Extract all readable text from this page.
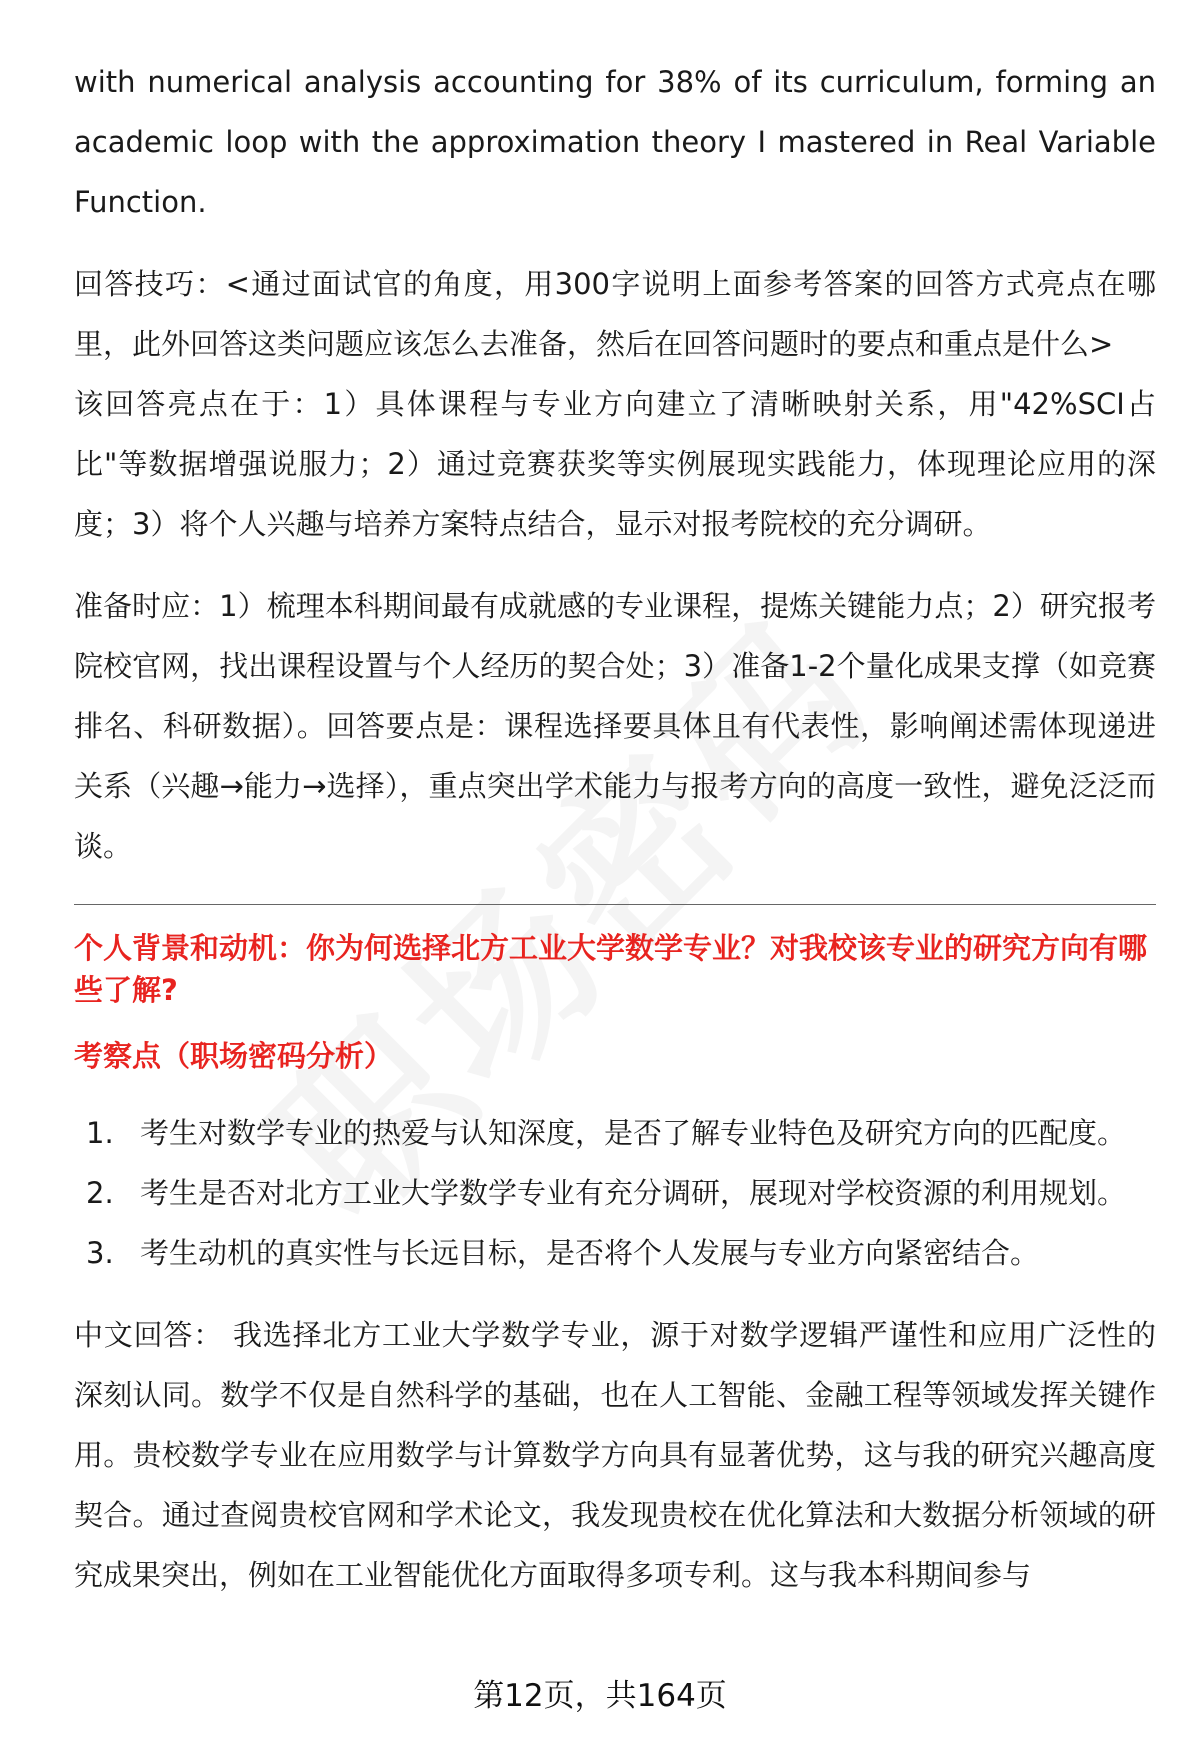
with numerical analysis accounting for 38% of its curriculum, forming an academic loop with the approximation theory I mastered in Real Variable Function.

回答技巧：<通过面试官的角度，用300字说明上面参考答案的回答方式亮点在哪里，此外回答这类问题应该怎么去准备，然后在回答问题时的要点和重点是什么>

该回答亮点在于：1）具体课程与专业方向建立了清晰映射关系，用"42%SCI占比"等数据增强说服力；2）通过竞赛获奖等实例展现实践能力，体现理论应用的深度；3）将个人兴趣与培养方案特点结合，显示对报考院校的充分调研。

准备时应：1）梳理本科期间最有成就感的专业课程，提炼关键能力点；2）研究报考院校官网，找出课程设置与个人经历的契合处；3）准备1-2个量化成果支撑（如竞赛排名、科研数据）。回答要点是：课程选择要具体且有代表性，影响阐述需体现递进关系（兴趣→能力→选择），重点突出学术能力与报考方向的高度一致性，避免泛泛而谈。

个人背景和动机：你为何选择北方工业大学数学专业？对我校该专业的研究方向有哪些了解?
考察点（职场密码分析）
1. 考生对数学专业的热爱与认知深度，是否了解专业特色及研究方向的匹配度。
2. 考生是否对北方工业大学数学专业有充分调研，展现对学校资源的利用规划。
3. 考生动机的真实性与长远目标，是否将个人发展与专业方向紧密结合。

中文回答： 我选择北方工业大学数学专业，源于对数学逻辑严谨性和应用广泛性的深刻认同。数学不仅是自然科学的基础，也在人工智能、金融工程等领域发挥关键作用。贵校数学专业在应用数学与计算数学方向具有显著优势，这与我的研究兴趣高度契合。通过查阅贵校官网和学术论文，我发现贵校在优化算法和大数据分析领域的研究成果突出，例如在工业智能优化方面取得多项专利。这与我本科期间参与

第12页，共164页
